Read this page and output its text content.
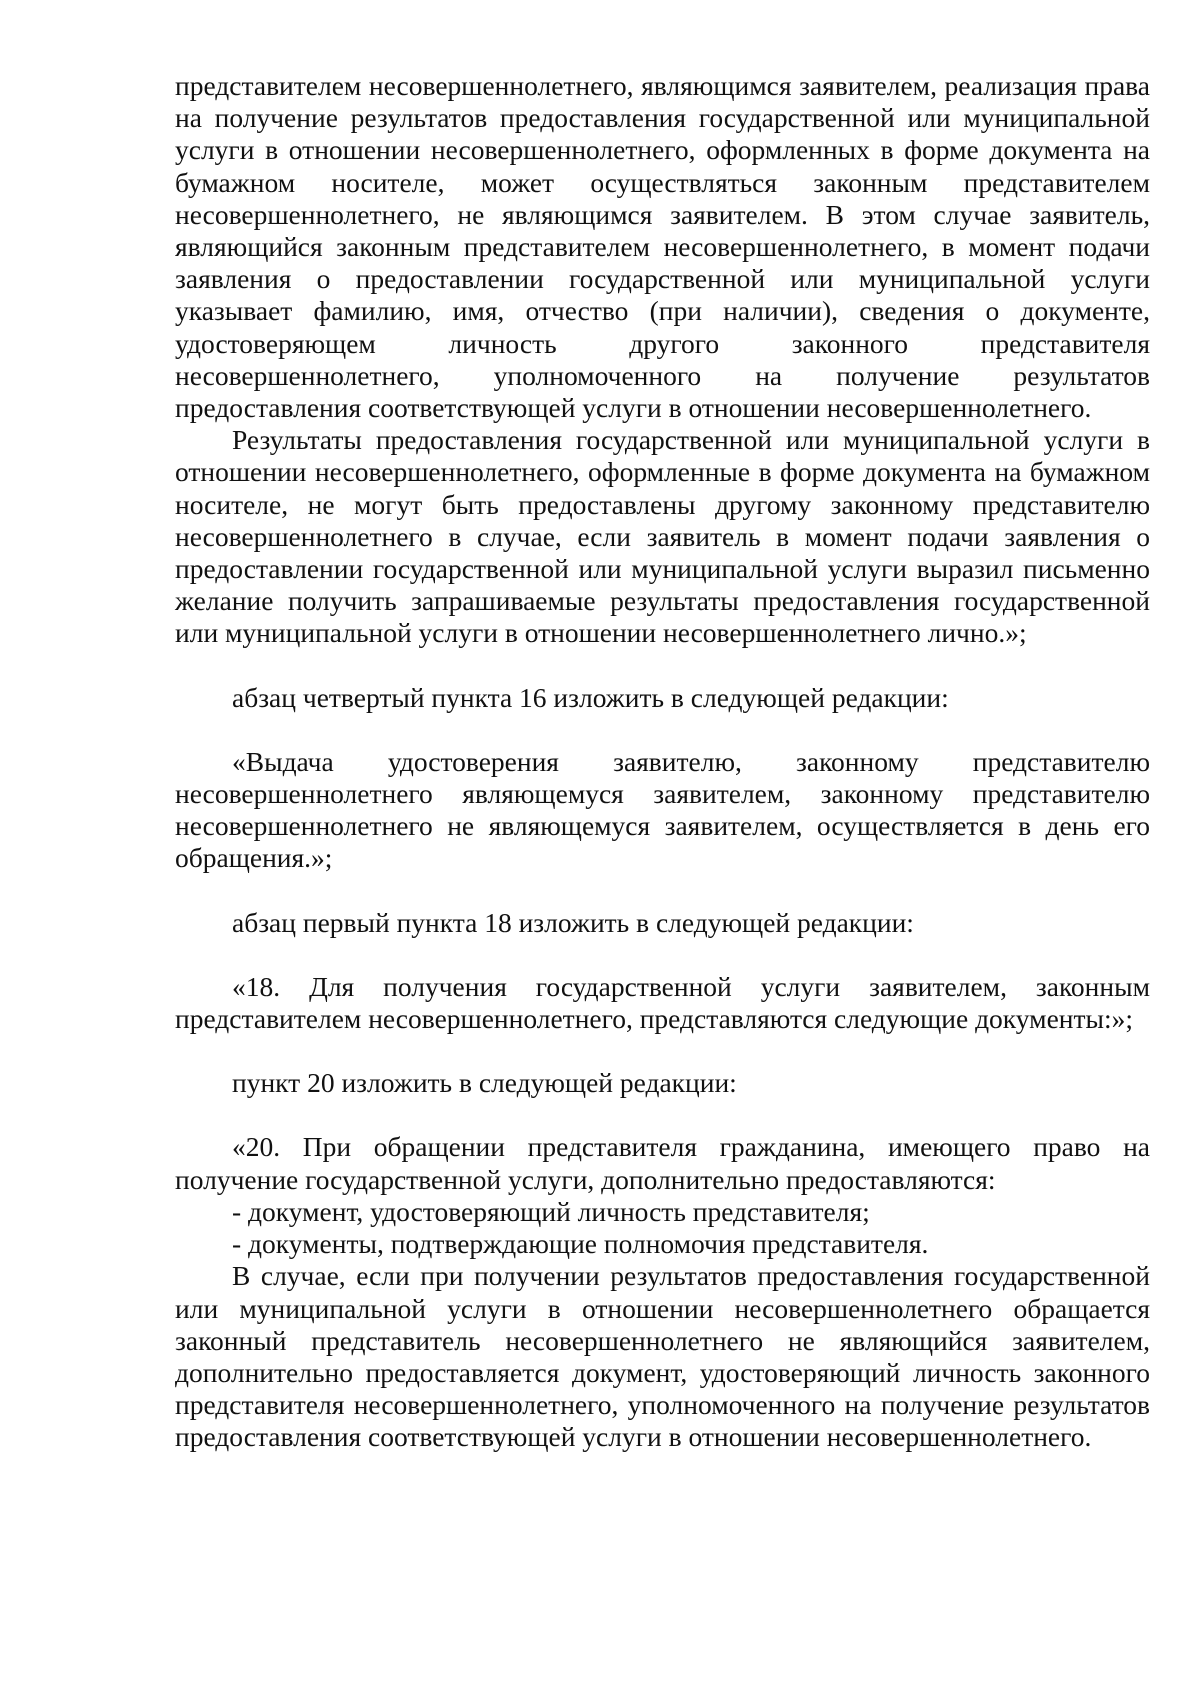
представителем несовершеннолетнего, являющимся заявителем, реализация права на получение результатов предоставления государственной или муниципальной услуги в отношении несовершеннолетнего, оформленных в форме документа на бумажном носителе, может осуществляться законным представителем несовершеннолетнего, не являющимся заявителем. В этом случае заявитель, являющийся законным представителем несовершеннолетнего, в момент подачи заявления о предоставлении государственной или муниципальной услуги указывает фамилию, имя, отчество (при наличии), сведения о документе, удостоверяющем личность другого законного представителя несовершеннолетнего, уполномоченного на получение результатов предоставления соответствующей услуги в отношении несовершеннолетнего.

Результаты предоставления государственной или муниципальной услуги в отношении несовершеннолетнего, оформленные в форме документа на бумажном носителе, не могут быть предоставлены другому законному представителю несовершеннолетнего в случае, если заявитель в момент подачи заявления о предоставлении государственной или муниципальной услуги выразил письменно желание получить запрашиваемые результаты предоставления государственной или муниципальной услуги в отношении несовершеннолетнего лично.»;

абзац четвертый пункта 16 изложить в следующей редакции:

«Выдача удостоверения заявителю, законному представителю несовершеннолетнего являющемуся заявителем, законному представителю несовершеннолетнего не являющемуся заявителем, осуществляется в день его обращения.»;

абзац первый пункта 18 изложить в следующей редакции:

«18. Для получения государственной услуги заявителем, законным представителем несовершеннолетнего, представляются следующие документы:»;

пункт 20 изложить в следующей редакции:

«20. При обращении представителя гражданина, имеющего право на получение государственной услуги, дополнительно предоставляются:

- документ, удостоверяющий личность представителя;

- документы, подтверждающие полномочия представителя.

В случае, если при получении результатов предоставления государственной или муниципальной услуги в отношении несовершеннолетнего обращается законный представитель несовершеннолетнего не являющийся заявителем, дополнительно предоставляется документ, удостоверяющий личность законного представителя несовершеннолетнего, уполномоченного на получение результатов предоставления соответствующей услуги в отношении несовершеннолетнего.
